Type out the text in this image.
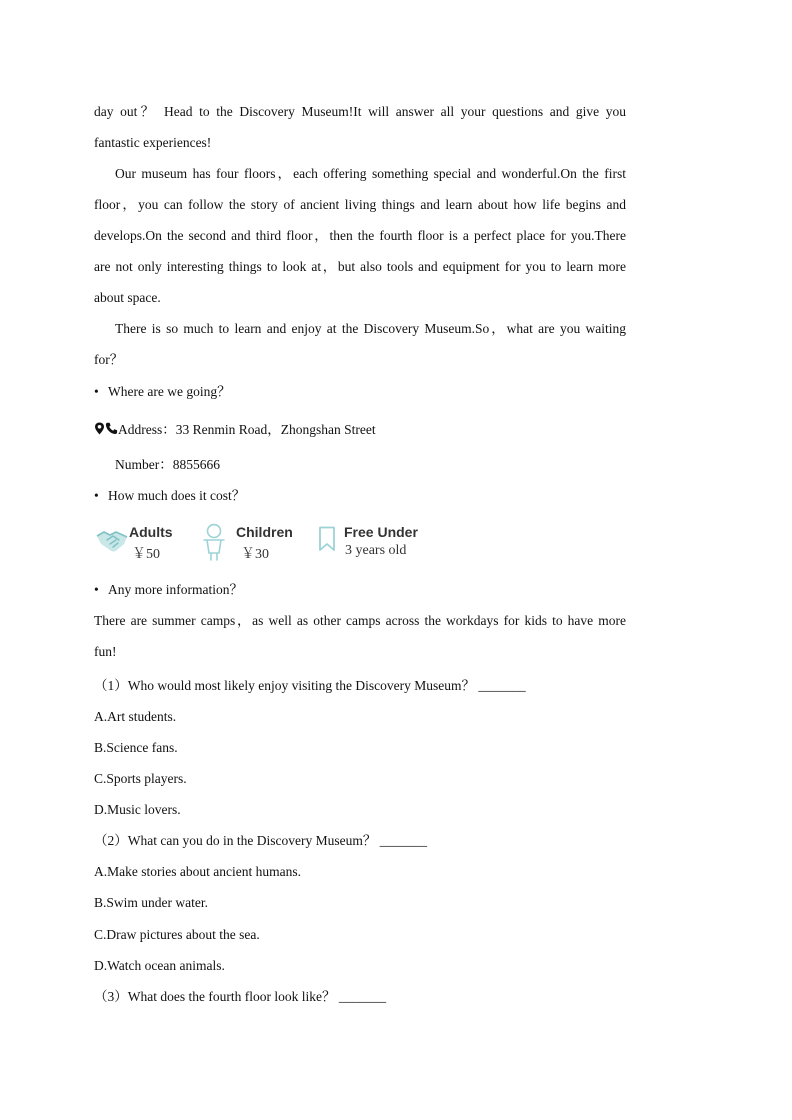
day out？ Head to the Discovery Museum!It will answer all your questions and give you
fantastic experiences!
Our museum has four floors，each offering something special and wonderful.On the first
floor，you can follow the story of ancient living things and learn about how life begins and
develops.On the second and third floor，then the fourth floor is a perfect place for you.There
are not only interesting things to look at，but also tools and equipment for you to learn more
about space.
There is so much to learn and enjoy at the Discovery Museum.So，what are you waiting
for？
• Where are we going？
Address：33 Renmin Road，Zhongshan Street
Number：8855666
• How much does it cost？
Adults
￥50
Children
￥30
Free Under
3 years old
• Any more information？
There are summer camps，as well as other camps across the workdays for kids to have more
fun!
（1）Who would most likely enjoy visiting the Discovery Museum？ _______
A.Art students.
B.Science fans.
C.Sports players.
D.Music lovers.
（2）What can you do in the Discovery Museum？ _______
A.Make stories about ancient humans.
B.Swim under water.
C.Draw pictures about the sea.
D.Watch ocean animals.
（3）What does the fourth floor look like？ _______
